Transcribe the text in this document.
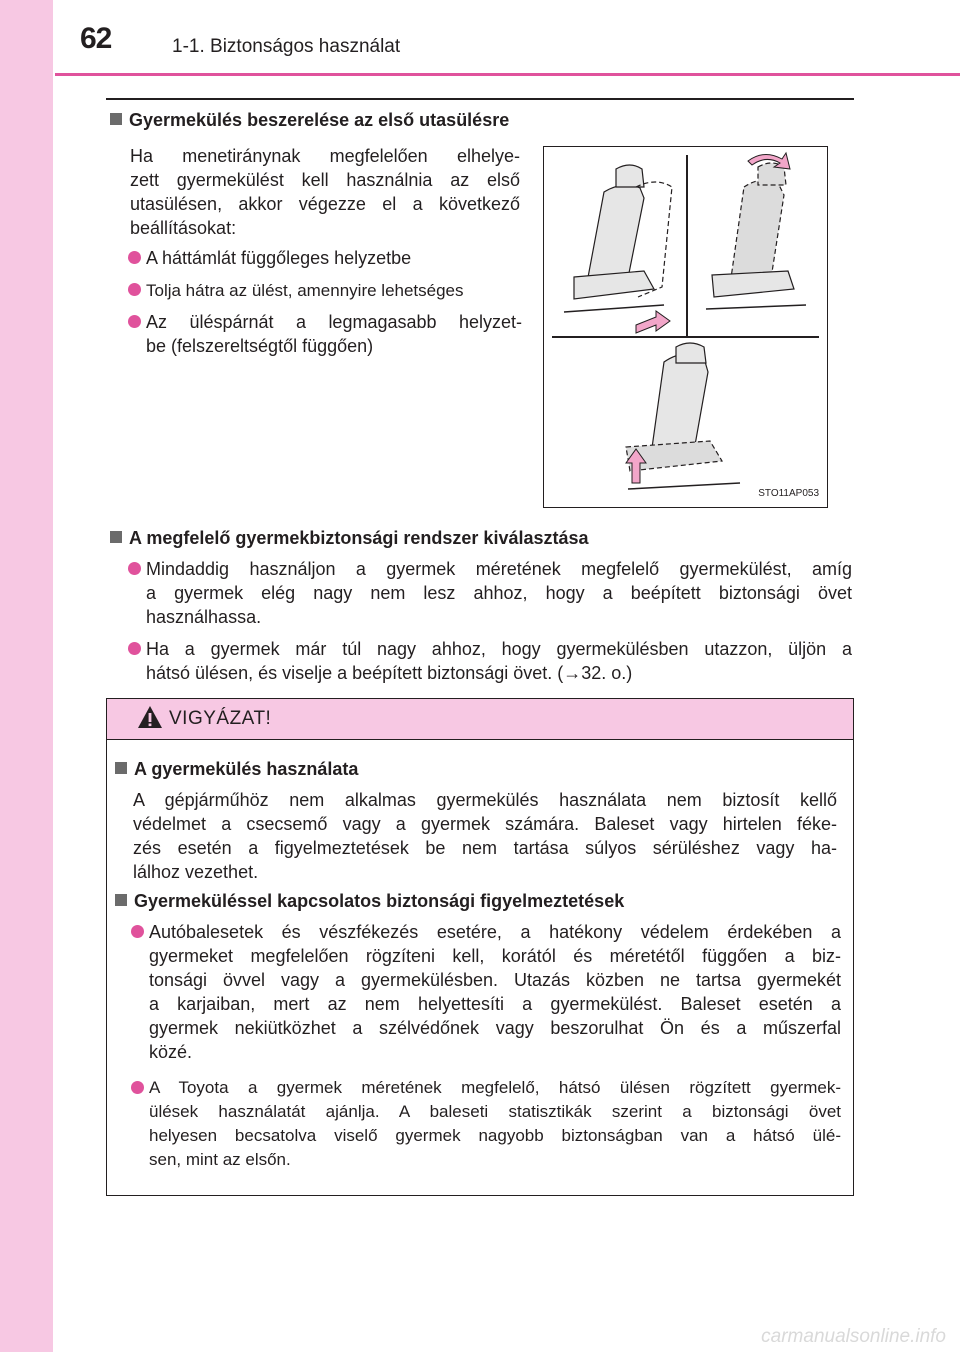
62	1-1. Biztonságos használat
Gyermekülés beszerelése az első utasülésre
Ha menetiránynak megfelelően elhelye-
zett gyermekülést kell használnia az első
utasülésen, akkor végezze el a következő
beállításokat:
A háttámlát függőleges helyzetbe
Tolja hátra az ülést, amennyire lehetséges
Az üléspárnát a legmagasabb helyzet-
be (felszereltségtől függően)
STO11AP053
A megfelelő gyermekbiztonsági rendszer kiválasztása
Mindaddig használjon a gyermek méretének megfelelő gyermekülést, amíg
a gyermek elég nagy nem lesz ahhoz, hogy a beépített biztonsági övet
használhassa.
Ha a gyermek már túl nagy ahhoz, hogy gyermekülésben utazzon, üljön a
hátsó ülésen, és viselje a beépített biztonsági övet. (→32. o.)
VIGYÁZAT!
A gyermekülés használata
A gépjárműhöz nem alkalmas gyermekülés használata nem biztosít kellő
védelmet a csecsemő vagy a gyermek számára. Baleset vagy hirtelen féke-
zés esetén a figyelmeztetések be nem tartása súlyos sérüléshez vagy ha-
lálhoz vezethet.
Gyermeküléssel kapcsolatos biztonsági figyelmeztetések
Autóbalesetek és vészfékezés esetére, a hatékony védelem érdekében a
gyermeket megfelelően rögzíteni kell, korától és méretétől függően a biz-
tonsági övvel vagy a gyermekülésben. Utazás közben ne tartsa gyermekét
a karjaiban, mert az nem helyettesíti a gyermekülést. Baleset esetén a
gyermek nekiütközhet a szélvédőnek vagy beszorulhat Ön és a műszerfal
közé.
A Toyota a gyermek méretének megfelelő, hátsó ülésen rögzített gyermek-
ülések használatát ajánlja. A baleseti statisztikák szerint a biztonsági övet
helyesen becsatolva viselő gyermek nagyobb biztonságban van a hátsó ülé-
sen, mint az elsőn.
carmanualsonline.info
